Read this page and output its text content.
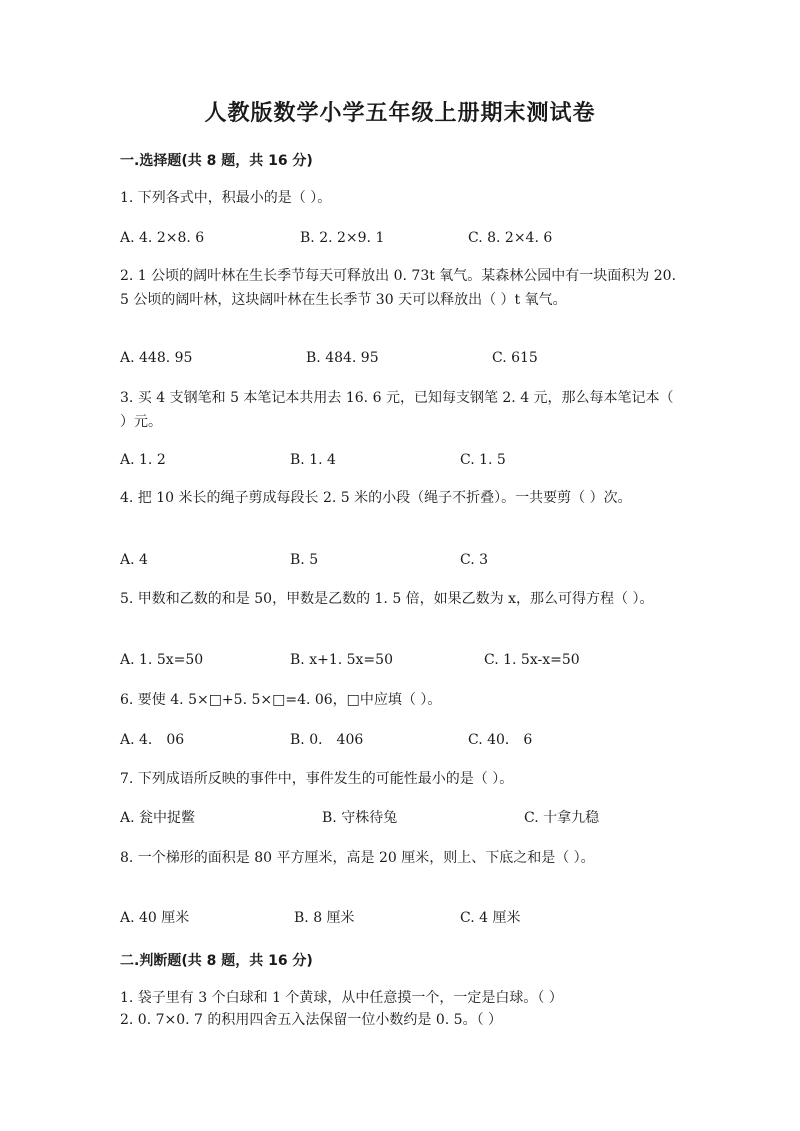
人教版数学小学五年级上册期末测试卷
一.选择题(共 8 题，共 16 分)
1. 下列各式中，积最小的是（ ）。
A. 4. 2×8. 6	B. 2. 2×9. 1	C. 8. 2×4. 6
2. 1 公顷的阔叶林在生长季节每天可释放出 0. 73t 氧气。某森林公园中有一块面积为 20. 5 公顷的阔叶林，这块阔叶林在生长季节 30 天可以释放出（ ）t 氧气。
A. 448. 95	B. 484. 95	C. 615
3. 买 4 支钢笔和 5 本笔记本共用去 16. 6 元，已知每支钢笔 2. 4 元，那么每本笔记本（ ）元。
A. 1. 2	B. 1. 4	C. 1. 5
4. 把 10 米长的绳子剪成每段长 2. 5 米的小段（绳子不折叠）。一共要剪（ ）次。
A. 4	B. 5	C. 3
5. 甲数和乙数的和是 50，甲数是乙数的 1. 5 倍，如果乙数为 x，那么可得方程（ ）。
A. 1. 5x=50	B. x+1. 5x=50	C. 1. 5x-x=50
6. 要使 4. 5×□+5. 5×□=4. 06，□中应填（ ）。
A. 4． 06	B. 0． 406	C. 40． 6
7. 下列成语所反映的事件中，事件发生的可能性最小的是（ ）。
A. 瓮中捉鳖	B. 守株待兔	C. 十拿九稳
8. 一个梯形的面积是 80 平方厘米，高是 20 厘米，则上、下底之和是（ ）。
A. 40 厘米	B. 8 厘米	C. 4 厘米
二.判断题(共 8 题，共 16 分)
1. 袋子里有 3 个白球和 1 个黄球，从中任意摸一个，一定是白球。（ ）
2. 0. 7×0. 7 的积用四舍五入法保留一位小数约是 0. 5。（ ）
